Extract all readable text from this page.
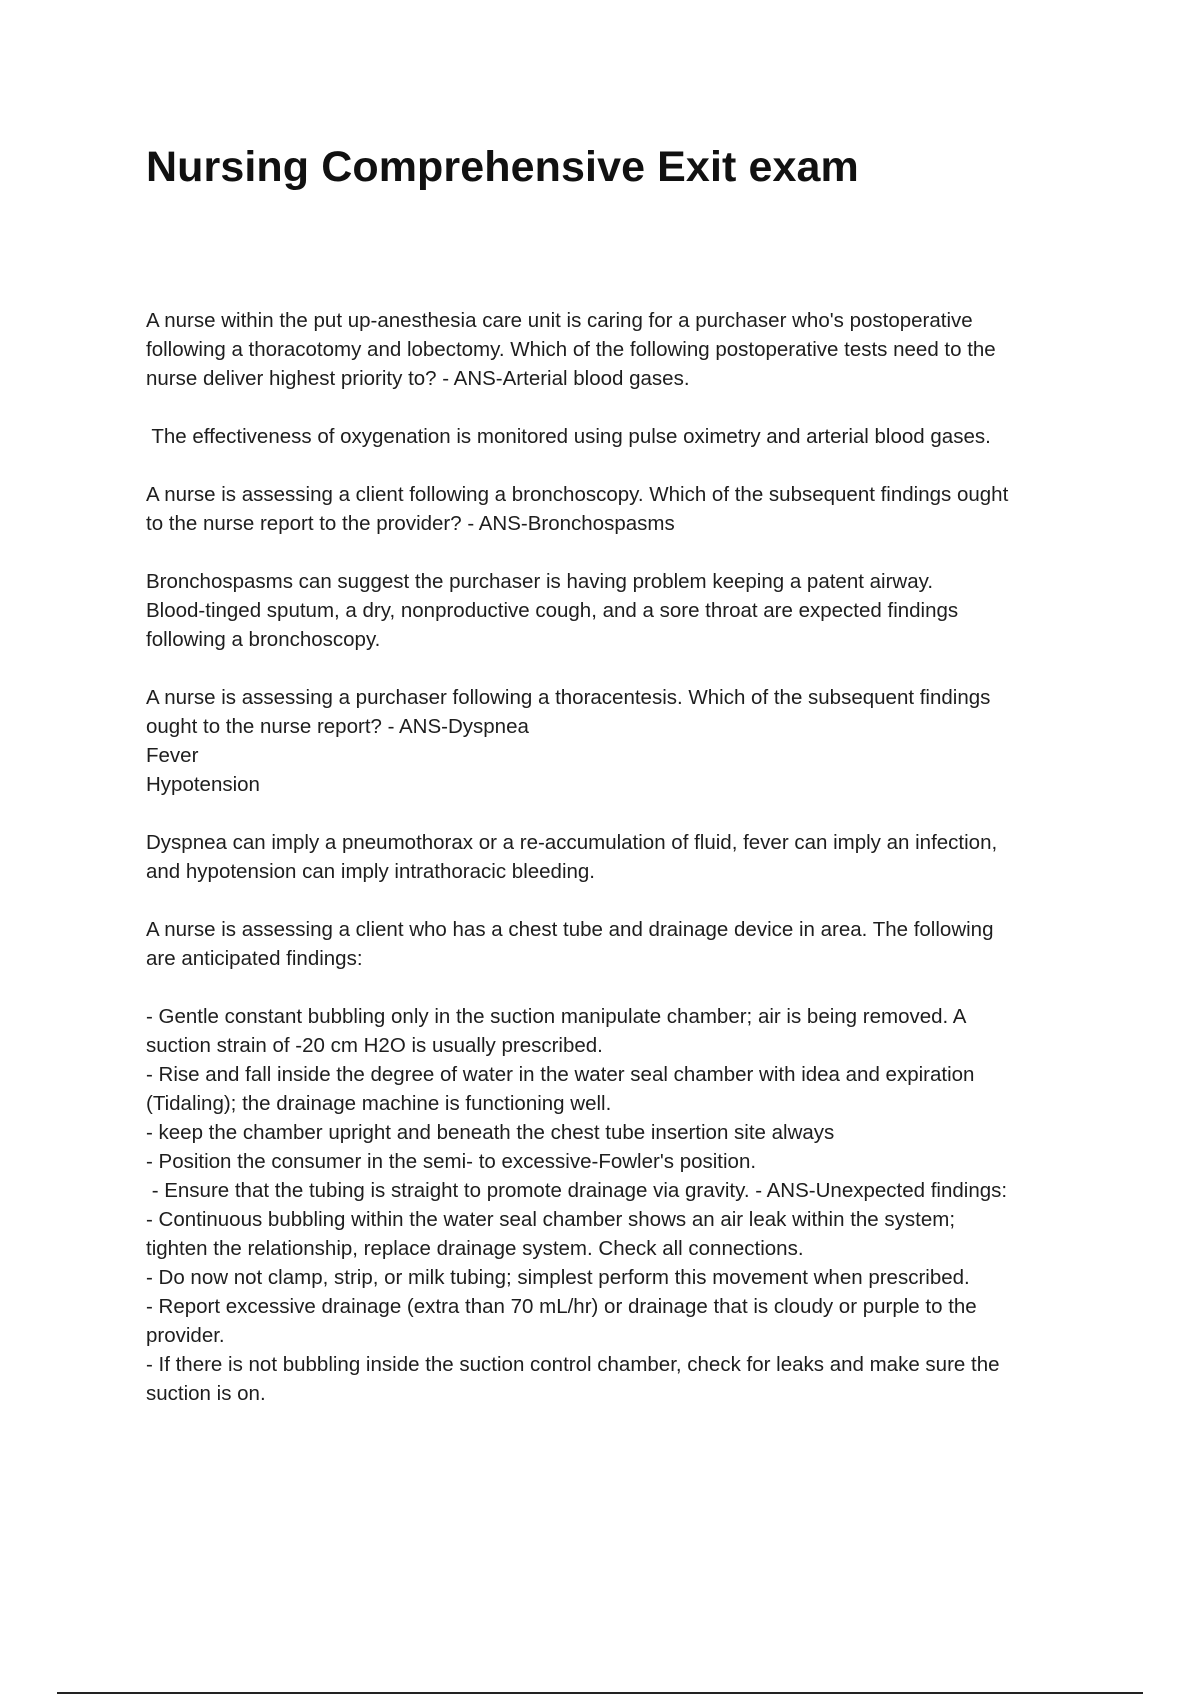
Nursing Comprehensive Exit exam
A nurse within the put up-anesthesia care unit is caring for a purchaser who's postoperative
following a thoracotomy and lobectomy. Which of the following postoperative tests need to the
nurse deliver highest priority to? - ANS-Arterial blood gases.
The effectiveness of oxygenation is monitored using pulse oximetry and arterial blood gases.
A nurse is assessing a client following a bronchoscopy. Which of the subsequent findings ought
to the nurse report to the provider? - ANS-Bronchospasms
Bronchospasms can suggest the purchaser is having problem keeping a patent airway.
Blood-tinged sputum, a dry, nonproductive cough, and a sore throat are expected findings
following a bronchoscopy.
A nurse is assessing a purchaser following a thoracentesis. Which of the subsequent findings
ought to the nurse report? - ANS-Dyspnea
Fever
Hypotension
Dyspnea can imply a pneumothorax or a re-accumulation of fluid, fever can imply an infection,
and hypotension can imply intrathoracic bleeding.
A nurse is assessing a client who has a chest tube and drainage device in area. The following
are anticipated findings:
- Gentle constant bubbling only in the suction manipulate chamber; air is being removed. A
suction strain of -20 cm H2O is usually prescribed.
- Rise and fall inside the degree of water in the water seal chamber with idea and expiration
(Tidaling); the drainage machine is functioning well.
- keep the chamber upright and beneath the chest tube insertion site always
- Position the consumer in the semi- to excessive-Fowler's position.
- Ensure that the tubing is straight to promote drainage via gravity. - ANS-Unexpected findings:
- Continuous bubbling within the water seal chamber shows an air leak within the system;
tighten the relationship, replace drainage system. Check all connections.
- Do now not clamp, strip, or milk tubing; simplest perform this movement when prescribed.
- Report excessive drainage (extra than 70 mL/hr) or drainage that is cloudy or purple to the
provider.
- If there is not bubbling inside the suction control chamber, check for leaks and make sure the
suction is on.
